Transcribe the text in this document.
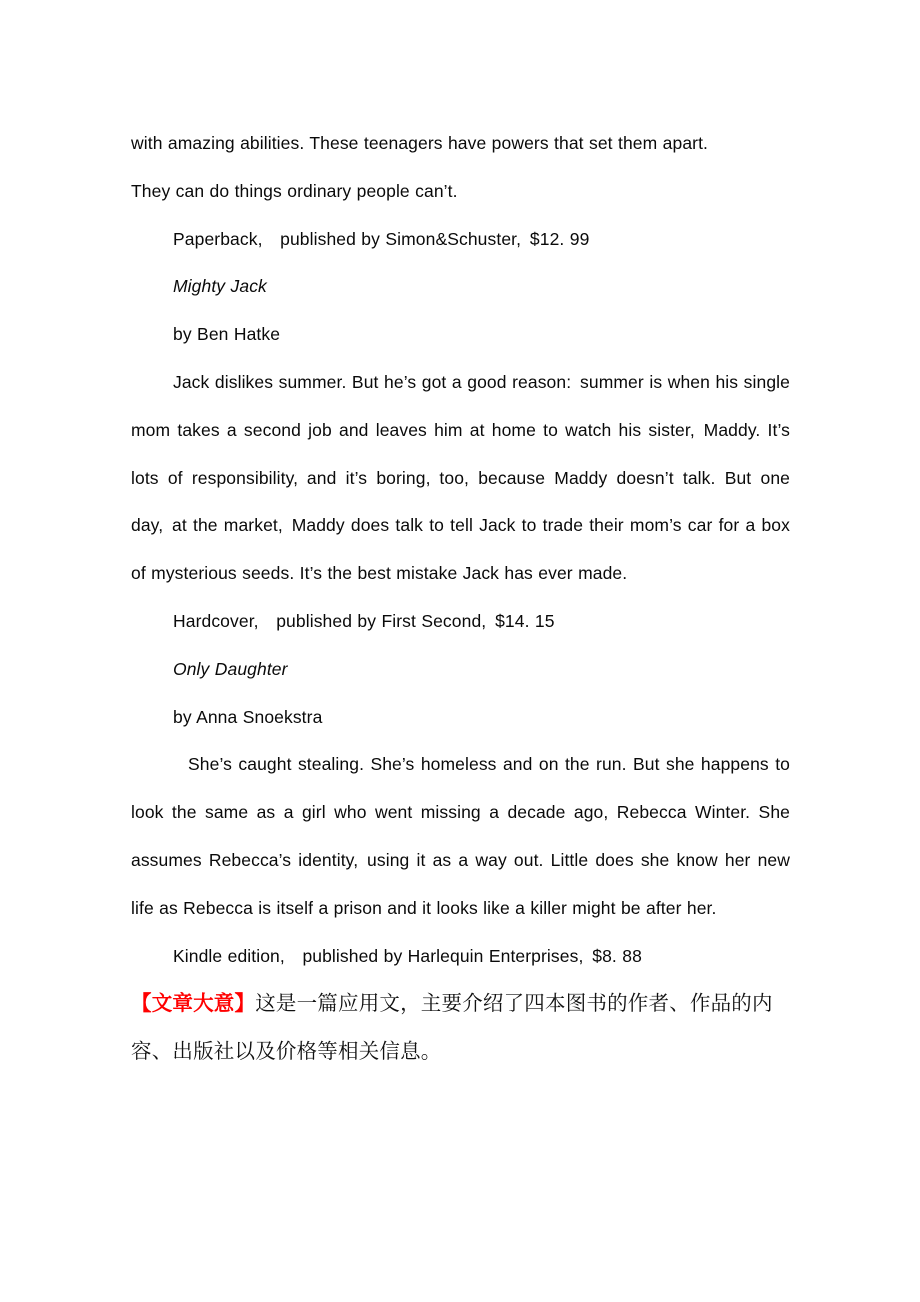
with amazing abilities. These teenagers have powers that set them apart.

They can do things ordinary people can’t.

Paperback, published by Simon&Schuster, $12. 99

Mighty Jack

by Ben Hatke

Jack dislikes summer. But he’s got a good reason: summer is when his single mom takes a second job and leaves him at home to watch his sister, Maddy. It’s lots of responsibility, and it’s boring, too, because Maddy doesn’t talk. But one day, at the market, Maddy does talk to tell Jack to trade their mom’s car for a box of mysterious seeds. It’s the best mistake Jack has ever made.

Hardcover, published by First Second, $14. 15

Only Daughter

by Anna Snoekstra

She’s caught stealing. She’s homeless and on the run. But she happens to look the same as a girl who went missing a decade ago, Rebecca Winter. She assumes Rebecca’s identity, using it as a way out. Little does she know her new life as Rebecca is itself a prison and it looks like a killer might be after her.

Kindle edition, published by Harlequin Enterprises, $8. 88

【文章大意】这是一篇应用文，主要介绍了四本图书的作者、作品的内容、出版社以及价格等相关信息。
